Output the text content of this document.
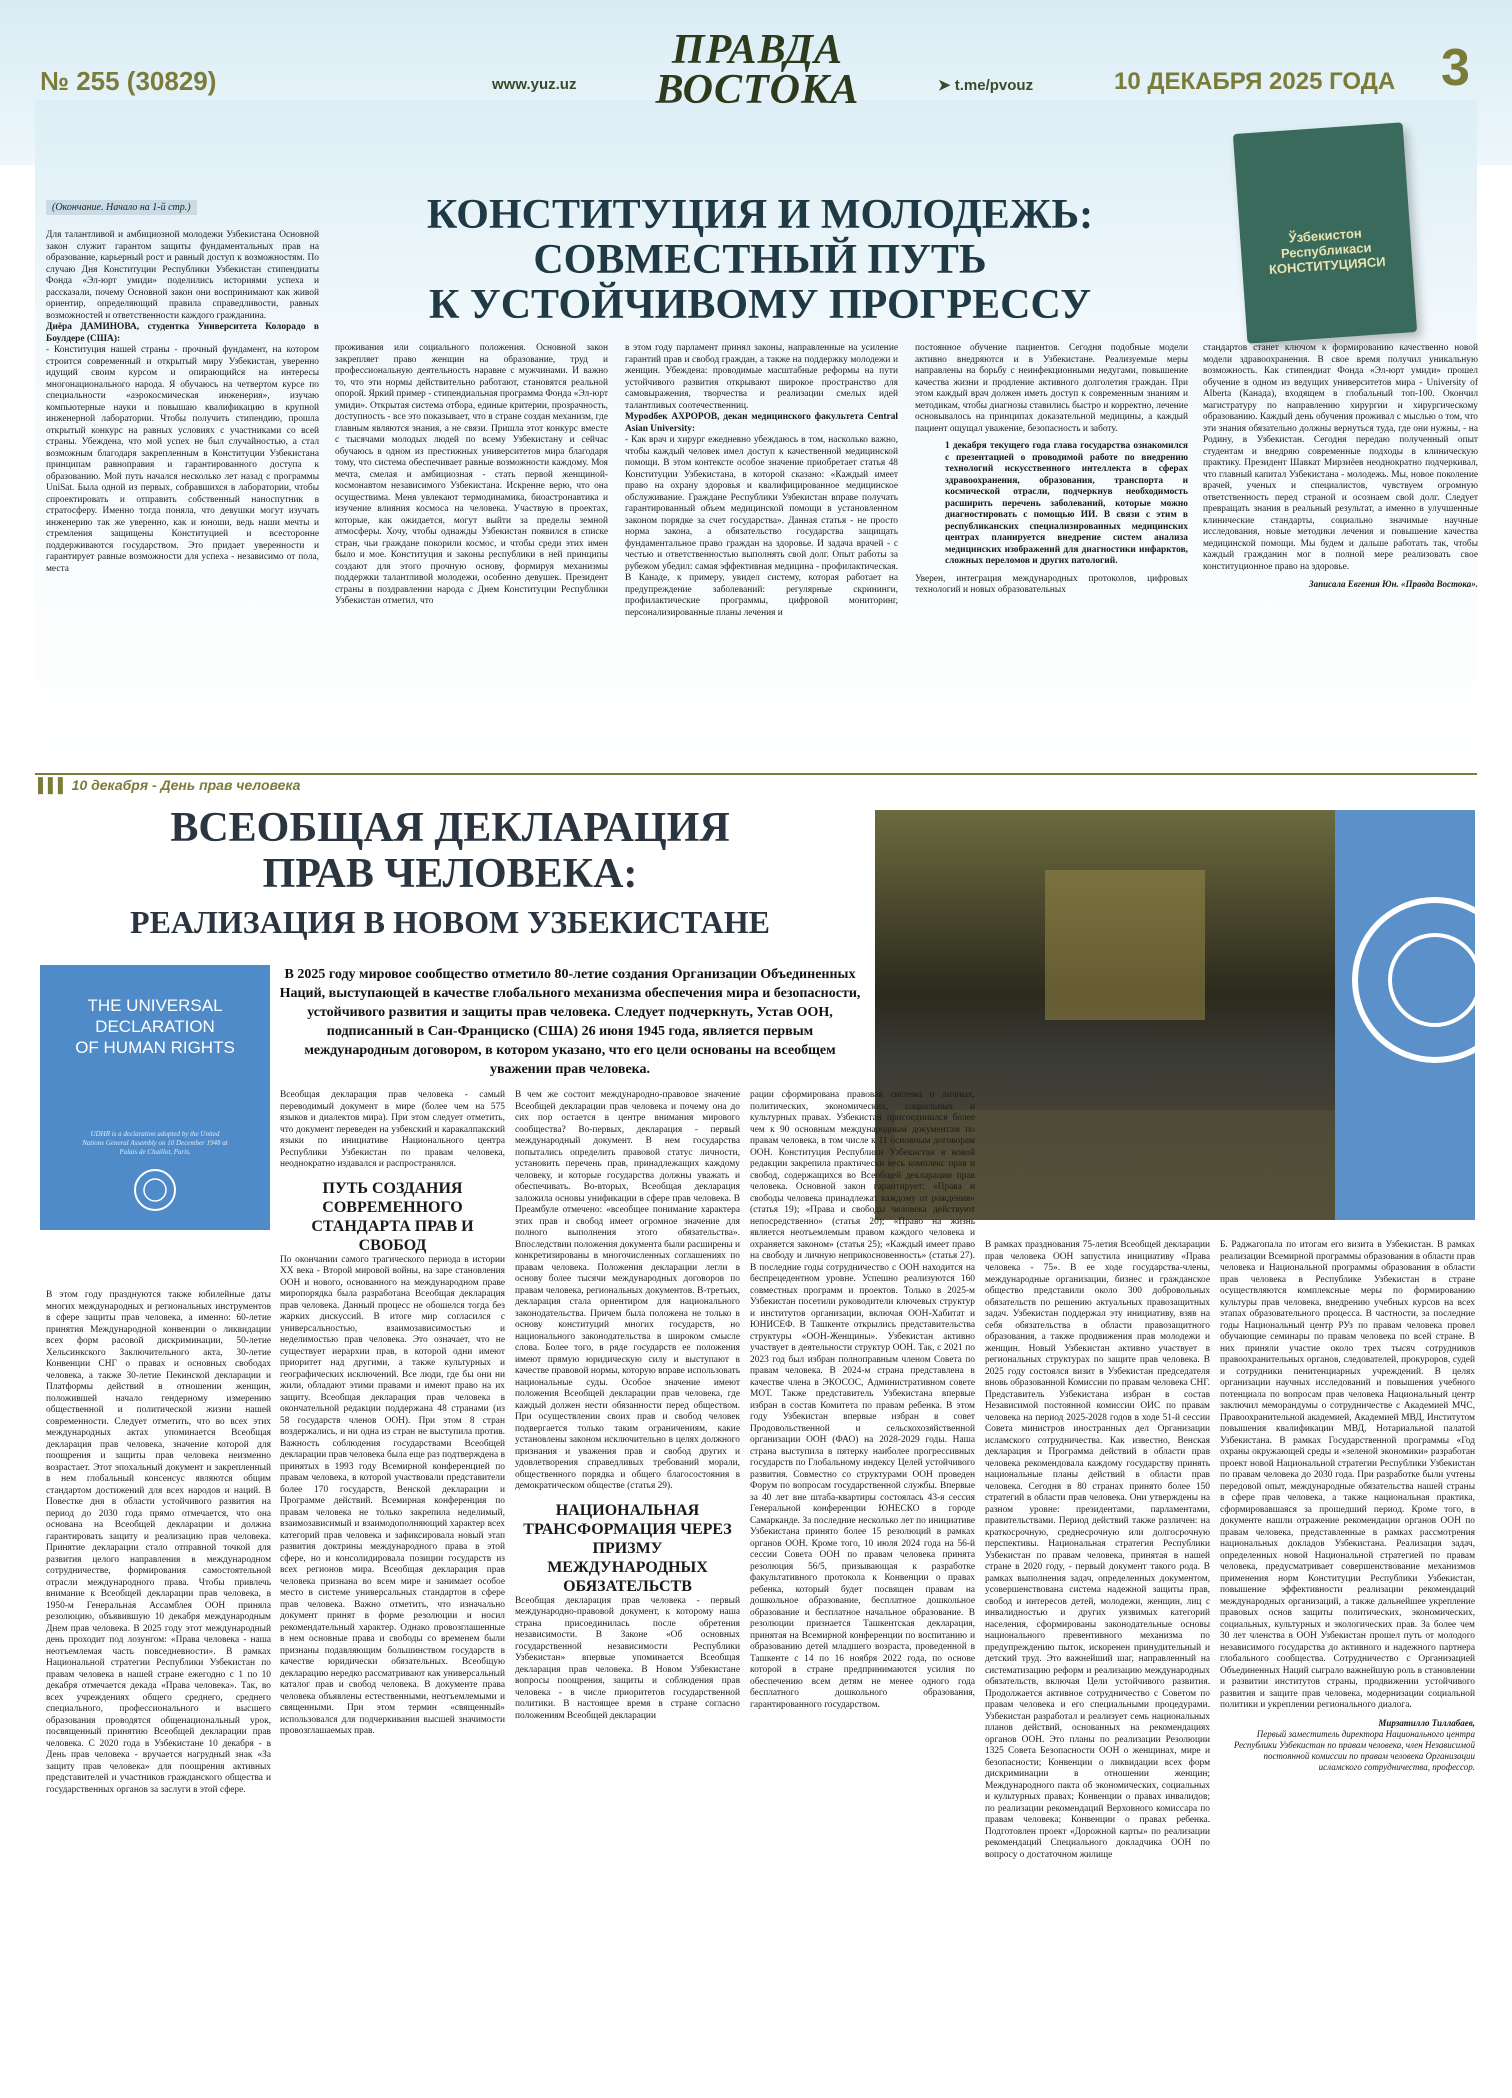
№ 255 (30829)	www.yuz.uz
ПРАВДА
ВОСТОКА	➤ t.me/pvouz	10 ДЕКАБРЯ 2025 ГОДА 3
(Окончание. Начало на 1-й стр.)	КОНСТИТУЦИЯ И МОЛОДЕЖЬ:
СОВМЕСТНЫЙ ПУТЬ
К УСТОЙЧИВОМУ ПРОГРЕССУ
Ўзбекистон Республикаси КОНСТИТУЦИЯСИ

Для талантливой и амбициозной молодежи Узбекистана Основной закон служит гарантом защиты фундаментальных прав на образование, карьерный рост и равный доступ к возможностям. По случаю Дня Конституции Республики Узбекистан стипендиаты Фонда «Эл-юрт умиди» поделились историями успеха и рассказали, почему Основной закон они воспринимают как живой ориентир, определяющий правила справедливости, равных возможностей и ответственности каждого гражданина.

Диёра ДАМИНОВА, студентка Университета Колорадо в Боулдере (США):

- Конституция нашей страны - прочный фундамент, на котором строится современный и открытый миру Узбекистан, уверенно идущий своим курсом и опирающийся на интересы многонационального народа. Я обучаюсь на четвертом курсе по специальности «аэрокосмическая инженерия», изучаю компьютерные науки и повышаю квалификацию в крупной инженерной лаборатории. Чтобы получить стипендию, прошла открытый конкурс на равных условиях с участниками со всей страны. Убеждена, что мой успех не был случайностью, а стал возможным благодаря закрепленным в Конституции Узбекистана принципам равноправия и гарантированного доступа к образованию. Мой путь начался несколько лет назад с программы UniSat. Была одной из первых, собравшихся в лаборатории, чтобы спроектировать и отправить собственный наноспутник в стратосферу. Именно тогда поняла, что девушки могут изучать инженерию так же уверенно, как и юноши, ведь наши мечты и стремления защищены Конституцией и всесторонне поддерживаются государством. Это придает уверенности и гарантирует равные возможности для успеха - независимо от пола, места

проживания или социального положения. Основной закон закрепляет право женщин на образование, труд и профессиональную деятельность наравне с мужчинами. И важно то, что эти нормы действительно работают, становятся реальной опорой. Яркий пример - стипендиальная программа Фонда «Эл-юрт умиди». Открытая система отбора, единые критерии, прозрачность, доступность - все это показывает, что в стране создан механизм, где главным являются знания, а не связи. Пришла этот конкурс вместе с тысячами молодых людей по всему Узбекистану и сейчас обучаюсь в одном из престижных университетов мира благодаря тому, что система обеспечивает равные возможности каждому. Моя мечта, смелая и амбициозная - стать первой женщиной-космонавтом независимого Узбекистана. Искренне верю, что она осуществима. Меня увлекают термодинамика, биоастронавтика и изучение влияния космоса на человека. Участвую в проектах, которые, как ожидается, могут выйти за пределы земной атмосферы. Хочу, чтобы однажды Узбекистан появился в списке стран, чьи граждане покорили космос, и чтобы среди этих имен было и мое. Конституция и законы республики в ней принципы создают для этого прочную основу, формируя механизмы поддержки талантливой молодежи, особенно девушек. Президент страны в поздравлении народа с Днем Конституции Республики Узбекистан отметил, что

в этом году парламент принял законы, направленные на усиление гарантий прав и свобод граждан, а также на поддержку молодежи и женщин. Убеждена: проводимые масштабные реформы на пути устойчивого развития открывают широкое пространство для самовыражения, творчества и реализации смелых идей талантливых соотечественниц.

Мурodбек АХРОРОВ, декан медицинского факультета Central Asian University:

- Как врач и хирург ежедневно убеждаюсь в том, насколько важно, чтобы каждый человек имел доступ к качественной медицинской помощи. В этом контексте особое значение приобретает статья 48 Конституции Узбекистана, в которой сказано: «Каждый имеет право на охрану здоровья и квалифицированное медицинское обслуживание. Граждане Республики Узбекистан вправе получать гарантированный объем медицинской помощи в установленном законом порядке за счет государства». Данная статья - не просто норма закона, а обязательство государства защищать фундаментальное право граждан на здоровье. И задача врачей - с честью и ответственностью выполнять свой долг. Опыт работы за рубежом убедил: самая эффективная медицина - профилактическая. В Канаде, к примеру, увидел систему, которая работает на предупреждение заболеваний: регулярные скрининги, профилактические программы, цифровой мониторинг, персонализированные планы лечения и

постоянное обучение пациентов. Сегодня подобные модели активно внедряются и в Узбекистане. Реализуемые меры направлены на борьбу с неинфекционными недугами, повышение качества жизни и продление активного долголетия граждан. При этом каждый врач должен иметь доступ к современным знаниям и методикам, чтобы диагнозы ставились быстро и корректно, лечение основывалось на принципах доказательной медицины, а каждый пациент ощущал уважение, безопасность и заботу.

1 декабря текущего года глава государства ознакомился с презентацией о проводимой работе по внедрению технологий искусственного интеллекта в сферах здравоохранения, образования, транспорта и космической отрасли, подчеркнув необходимость расширить перечень заболеваний, которые можно диагностировать с помощью ИИ. В связи с этим в республиканских специализированных медицинских центрах планируется внедрение систем анализа медицинских изображений для диагностики инфарктов, сложных переломов и других патологий.

Уверен, интеграция международных протоколов, цифровых технологий и новых образовательных

стандартов станет ключом к формированию качественно новой модели здравоохранения. В свое время получил уникальную возможность. Как стипендиат Фонда «Эл-юрт умиди» прошел обучение в одном из ведущих университетов мира - University of Alberta (Канада), входящем в глобальный топ-100. Окончил магистратуру по направлению хирургии и хирургическому образованию. Каждый день обучения проживал с мыслью о том, что эти знания обязательно должны вернуться туда, где они нужны, - на Родину, в Узбекистан. Сегодня передаю полученный опыт студентам и внедряю современные подходы в клиническую практику. Президент Шавкат Мирзиёев неоднократно подчеркивал, что главный капитал Узбекистана - молодежь. Мы, новое поколение врачей, ученых и специалистов, чувствуем огромную ответственность перед страной и осознаем свой долг. Следует превращать знания в реальный результат, а именно в улучшенные клинические стандарты, социально значимые научные исследования, новые методики лечения и повышение качества медицинской помощи. Мы будем и дальше работать так, чтобы каждый гражданин мог в полной мере реализовать свое конституционное право на здоровье.

Записала Евгения Юн. «Правда Востока».

▌▌▌ 10 декабря - День прав человека
ВСЕОБЩАЯ ДЕКЛАРАЦИЯ
ПРАВ ЧЕЛОВЕКА:
РЕАЛИЗАЦИЯ В НОВОМ УЗБЕКИСТАНЕ
THE UNIVERSAL
DECLARATION
OF HUMAN RIGHTS
UDHR is a declaration adopted by the United Nations General Assembly on 10 December 1948 at Palais de Chaillot, Paris.
В 2025 году мировое сообщество отметило 80-летие создания Организации Объединенных Наций, выступающей в качестве глобального механизма обеспечения мира и безопасности, устойчивого развития и защиты прав человека. Следует подчеркнуть, Устав ООН, подписанный в Сан-Франциско (США) 26 июня 1945 года, является первым международным договором, в котором указано, что его цели основаны на всеобщем уважении прав человека.

В этом году празднуются также юбилейные даты многих международных и региональных инструментов в сфере защиты прав человека, а именно: 60-летие принятия Международной конвенции о ликвидации всех форм расовой дискриминации, 50-летие Хельсинкского Заключительного акта, 30-летие Конвенции СНГ о правах и основных свободах человека, а также 30-летие Пекинской декларации и Платформы действий в отношении женщин, положившей начало гендерному измерению общественной и политической жизни нашей современности. Следует отметить, что во всех этих международных актах упоминается Всеобщая декларация прав человека, значение которой для поощрения и защиты прав человека неизменно возрастает. Этот эпохальный документ и закрепленный в нем глобальный консенсус являются общим стандартом достижений для всех народов и наций. В Повестке дня в области устойчивого развития на период до 2030 года прямо отмечается, что она основана на Всеобщей декларации и должна гарантировать защиту и реализацию прав человека. Принятие декларации стало отправной точкой для развития целого направления в международном сотрудничестве, формирования самостоятельной отрасли международного права. Чтобы привлечь внимание к Всеобщей декларации прав человека, в 1950-м Генеральная Ассамблея ООН приняла резолюцию, объявившую 10 декабря международным Днем прав человека. В 2025 году этот международный день проходит под лозунгом: «Права человека - наша неотъемлемая часть повседневности». В рамках Национальной стратегии Республики Узбекистан по правам человека в нашей стране ежегодно с 1 по 10 декабря отмечается декада «Права человека». Так, во всех учреждениях общего среднего, среднего специального, профессионального и высшего образования проводятся общенациональный урок, посвященный принятию Всеобщей декларации прав человека. С 2020 года в Узбекистане 10 декабря - в День прав человека - вручается нагрудный знак «За защиту прав человека» для поощрения активных представителей и участников гражданского общества и государственных органов за заслуги в этой сфере.

Всеобщая декларация прав человека - самый переводимый документ в мире (более чем на 575 языков и диалектов мира). При этом следует отметить, что документ переведен на узбекский и каракалпакский языки по инициативе Национального центра Республики Узбекистан по правам человека, неоднократно издавался и распространялся.

ПУТЬ СОЗДАНИЯ СОВРЕМЕННОГО СТАНДАРТА ПРАВ И СВОБОД

По окончании самого трагического периода в истории XX века - Второй мировой войны, на заре становления ООН и нового, основанного на международном праве миропорядка была разработана Всеобщая декларация прав человека. Данный процесс не обошелся тогда без жарких дискуссий. В итоге мир согласился с универсальностью, взаимозависимостью и неделимостью прав человека. Это означает, что не существует иерархии прав, в которой одни имеют приоритет над другими, а также культурных и географических исключений. Все люди, где бы они ни жили, обладают этими правами и имеют право на их защиту. Всеобщая декларация прав человека в окончательной редакции поддержана 48 странами (из 58 государств членов ООН). При этом 8 стран воздержались, и ни одна из стран не выступила против. Важность соблюдения государствами Всеобщей декларации прав человека была еще раз подтверждена в принятых в 1993 году Всемирной конференцией по правам человека, в которой участвовали представители более 170 государств, Венской декларации и Программе действий. Всемирная конференция по правам человека не только закрепила неделимый, взаимозависимый и взаимодополняющий характер всех категорий прав человека и зафиксировала новый этап развития доктрины международного права в этой сфере, но и консолидировала позиции государств из всех регионов мира. Всеобщая декларация прав человека признана во всем мире и занимает особое место в системе универсальных стандартов в сфере прав человека. Важно отметить, что изначально документ принят в форме резолюции и носил рекомендательный характер. Однако провозглашенные в нем основные права и свободы со временем были признаны подавляющим большинством государств в качестве юридически обязательных. Всеобщую декларацию нередко рассматривают как универсальный каталог прав и свобод человека. В документе права человека объявлены естественными, неотъемлемыми и священными. При этом термин «священный» использовался для подчеркивания высшей значимости провозглашаемых прав.

В чем же состоит международно-правовое значение Всеобщей декларации прав человека и почему она до сих пор остается в центре внимания мирового сообщества? Во-первых, декларация - первый международный документ. В нем государства попытались определить правовой статус личности, установить перечень прав, принадлежащих каждому человеку, и которые государства должны уважать и обеспечивать. Во-вторых, Всеобщая декларация заложила основы унификации в сфере прав человека. В Преамбуле отмечено: «всеобщее понимание характера этих прав и свобод имеет огромное значение для полного выполнения этого обязательства». Впоследствии положения документа были расширены и конкретизированы в многочисленных соглашениях по правам человека. Положения декларации легли в основу более тысячи международных договоров по правам человека, региональных документов. В-третьих, декларация стала ориентиром для национального законодательства. Причем была положена не только в основу конституций многих государств, но национального законодательства в широком смысле слова. Более того, в ряде государств ее положения имеют прямую юридическую силу и выступают в качестве правовой нормы, которую вправе использовать национальные суды. Особое значение имеют положения Всеобщей декларации прав человека, где каждый должен нести обязанности перед обществом. При осуществлении своих прав и свобод человек подвергается только таким ограничениям, какие установлены законом исключительно в целях должного признания и уважения прав и свобод других и удовлетворения справедливых требований морали, общественного порядка и общего благосостояния в демократическом обществе (статья 29).

НАЦИОНАЛЬНАЯ ТРАНСФОРМАЦИЯ ЧЕРЕЗ ПРИЗМУ МЕЖДУНАРОДНЫХ ОБЯЗАТЕЛЬСТВ

Всеобщая декларация прав человека - первый международно-правовой документ, к которому наша страна присоединилась после обретения независимости. В Законе «Об основных государственной независимости Республики Узбекистан» впервые упоминается Всеобщая декларация прав человека. В Новом Узбекистане вопросы поощрения, защиты и соблюдения прав человека - в числе приоритетов государственной политики. В настоящее время в стране согласно положениям Всеобщей декларации

рации сформирована правовая система о личных, политических, экономических, социальных и культурных правах. Узбекистан присоединился более чем к 90 основным международным документам по правам человека, в том числе к 11 основным договорам ООН. Конституция Республики Узбекистан в новой редакции закрепила практически весь комплекс прав и свобод, содержащихся во Всеобщей декларации прав человека. Основной закон гарантирует: «Права и свободы человека принадлежат каждому от рождения» (статья 19); «Права и свободы человека действуют непосредственно» (статья 20); «Право на жизнь является неотъемлемым правом каждого человека и охраняется законом» (статья 25); «Каждый имеет право на свободу и личную неприкосновенность» (статья 27). В последние годы сотрудничество с ООН находится на беспрецедентном уровне. Успешно реализуются 160 совместных программ и проектов. Только в 2025-м Узбекистан посетили руководители ключевых структур и институтов организации, включая ООН-Хабитат и ЮНИСЕФ. В Ташкенте открылись представительства структуры «ООН-Женщины». Узбекистан активно участвует в деятельности структур ООН. Так, с 2021 по 2023 год был избран полноправным членом Совета по правам человека. В 2024-м страна представлена в качестве члена в ЭКОСОС, Административном совете МОТ. Также представитель Узбекистана впервые избран в состав Комитета по правам ребенка. В этом году Узбекистан впервые избран в совет Продовольственной и сельскохозяйственной организации ООН (ФАО) на 2028-2029 годы. Наша страна выступила в пятерку наиболее прогрессивных государств по Глобальному индексу Целей устойчивого развития. Совместно со структурами ООН проведен Форум по вопросам государственной службы. Впервые за 40 лет вне штаба-квартиры состоялась 43-я сессия Генеральной конференции ЮНЕСКО в городе Самарканде. За последние несколько лет по инициативе Узбекистана принято более 15 резолюций в рамках органов ООН. Кроме того, 10 июля 2024 года на 56-й сессии Совета ООН по правам человека принята резолюция 56/5, призывающая к разработке факультативного протокола к Конвенции о правах ребенка, который будет посвящен правам на дошкольное образование, бесплатное дошкольное образование и бесплатное начальное образование. В резолюции признается Ташкентская декларация, принятая на Всемирной конференции по воспитанию и образованию детей младшего возраста, проведенной в Ташкенте с 14 по 16 ноября 2022 года, по основе которой в стране предпринимаются усилия по обеспечению всем детям не менее одного года бесплатного дошкольного образования, гарантированного государством.

В рамках празднования 75-летия Всеобщей декларации прав человека ООН запустила инициативу «Права человека - 75». В ее ходе государства-члены, международные организации, бизнес и гражданское общество представили около 300 добровольных обязательств по решению актуальных правозащитных задач. Узбекистан поддержал эту инициативу, взяв на себя обязательства в области правозащитного образования, а также продвижения прав молодежи и женщин. Новый Узбекистан активно участвует в региональных структурах по защите прав человека. В 2025 году состоялся визит в Узбекистан председателя вновь образованной Комиссии по правам человека СНГ. Представитель Узбекистана избран в состав Независимой постоянной комиссии ОИС по правам человека на период 2025-2028 годов в ходе 51-й сессии Совета министров иностранных дел Организации исламского сотрудничества. Как известно, Венская декларация и Программа действий в области прав человека рекомендовала каждому государству принять национальные планы действий в области прав человека. Сегодня в 80 странах принято более 150 стратегий в области прав человека. Они утверждены на разном уровне: президентами, парламентами, правительствами. Период действий также различен: на краткосрочную, среднесрочную или долгосрочную перспективы. Национальная стратегия Республики Узбекистан по правам человека, принятая в нашей стране в 2020 году, - первый документ такого рода. В рамках выполнения задач, определенных документом, усовершенствована система надежной защиты прав, свобод и интересов детей, молодежи, женщин, лиц с инвалидностью и других уязвимых категорий населения, сформированы законодательные основы национального превентивного механизма по предупреждению пыток, искоренен принудительный и детский труд. Это важнейший шаг, направленный на систематизацию реформ и реализацию международных обязательств, включая Цели устойчивого развития. Продолжается активное сотрудничество с Советом по правам человека и его специальными процедурами. Узбекистан разработал и реализует семь национальных планов действий, основанных на рекомендациях органов ООН. Это планы по реализации Резолюции 1325 Совета Безопасности ООН о женщинах, мире и безопасности; Конвенции о ликвидации всех форм дискриминации в отношении женщин; Международного пакта об экономических, социальных и культурных правах; Конвенции о правах инвалидов; по реализации рекомендаций Верховного комиссара по правам человека; Конвенции о правах ребенка. Подготовлен проект «Дорожной карты» по реализации рекомендаций Специального докладчика ООН по вопросу о достаточном жилище

Б. Раджагопала по итогам его визита в Узбекистан. В рамках реализации Всемирной программы образования в области прав человека и Национальной программы образования в области прав человека в Республике Узбекистан в стране осуществляются комплексные меры по формированию культуры прав человека, внедрению учебных курсов на всех этапах образовательного процесса. В частности, за последние годы Национальный центр РУз по правам человека провел обучающие семинары по правам человека по всей стране. В них приняли участие около трех тысяч сотрудников правоохранительных органов, следователей, прокуроров, судей и сотрудники пенитенциарных учреждений. В целях организации научных исследований и повышения учебного потенциала по вопросам прав человека Национальный центр заключил меморандумы о сотрудничестве с Академией МЧС, Правоохранительной академией, Академией МВД, Институтом повышения квалификации МВД, Нотариальной палатой Узбекистана. В рамках Государственной программы «Год охраны окружающей среды и «зеленой экономики» разработан проект новой Национальной стратегии Республики Узбекистан по правам человека до 2030 года. При разработке были учтены передовой опыт, международные обязательства нашей страны в сфере прав человека, а также национальная практика, сформировавшаяся за прошедший период. Кроме того, в документе нашли отражение рекомендации органов ООН по правам человека, представленные в рамках рассмотрения национальных докладов Узбекистана. Реализация задач, определенных новой Национальной стратегией по правам человека, предусматривает совершенствование механизмов применения норм Конституции Республики Узбекистан, повышение эффективности реализации рекомендаций международных организаций, а также дальнейшее укрепление правовых основ защиты политических, экономических, социальных, культурных и экологических прав. За более чем 30 лет членства в ООН Узбекистан прошел путь от молодого независимого государства до активного и надежного партнера глобального сообщества. Сотрудничество с Организацией Объединенных Наций сыграло важнейшую роль в становлении и развитии институтов страны, продвижении устойчивого развития и защите прав человека, модернизации социальной политики и укреплении регионального диалога.

Мирзатилло Тиллабаев,

Первый заместитель директора Национального центра Республики Узбекистан по правам человека, член Независимой постоянной комиссии по правам человека Организации исламского сотрудничества, профессор.
